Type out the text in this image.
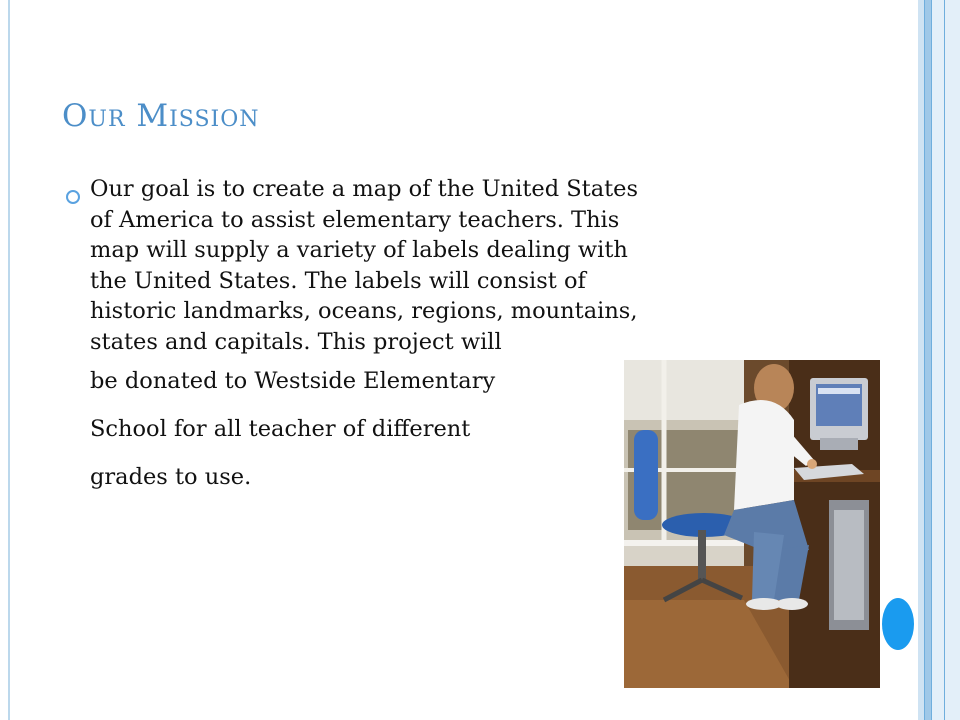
Our Mission

Our goal is to create a map of the United States
of America to assist elementary teachers. This
map will supply a variety of labels dealing with
the United States. The labels will consist of
historic landmarks, oceans, regions, mountains,
states and capitals. This project will
be donated to Westside Elementary
School for all teacher of different
grades to use.
